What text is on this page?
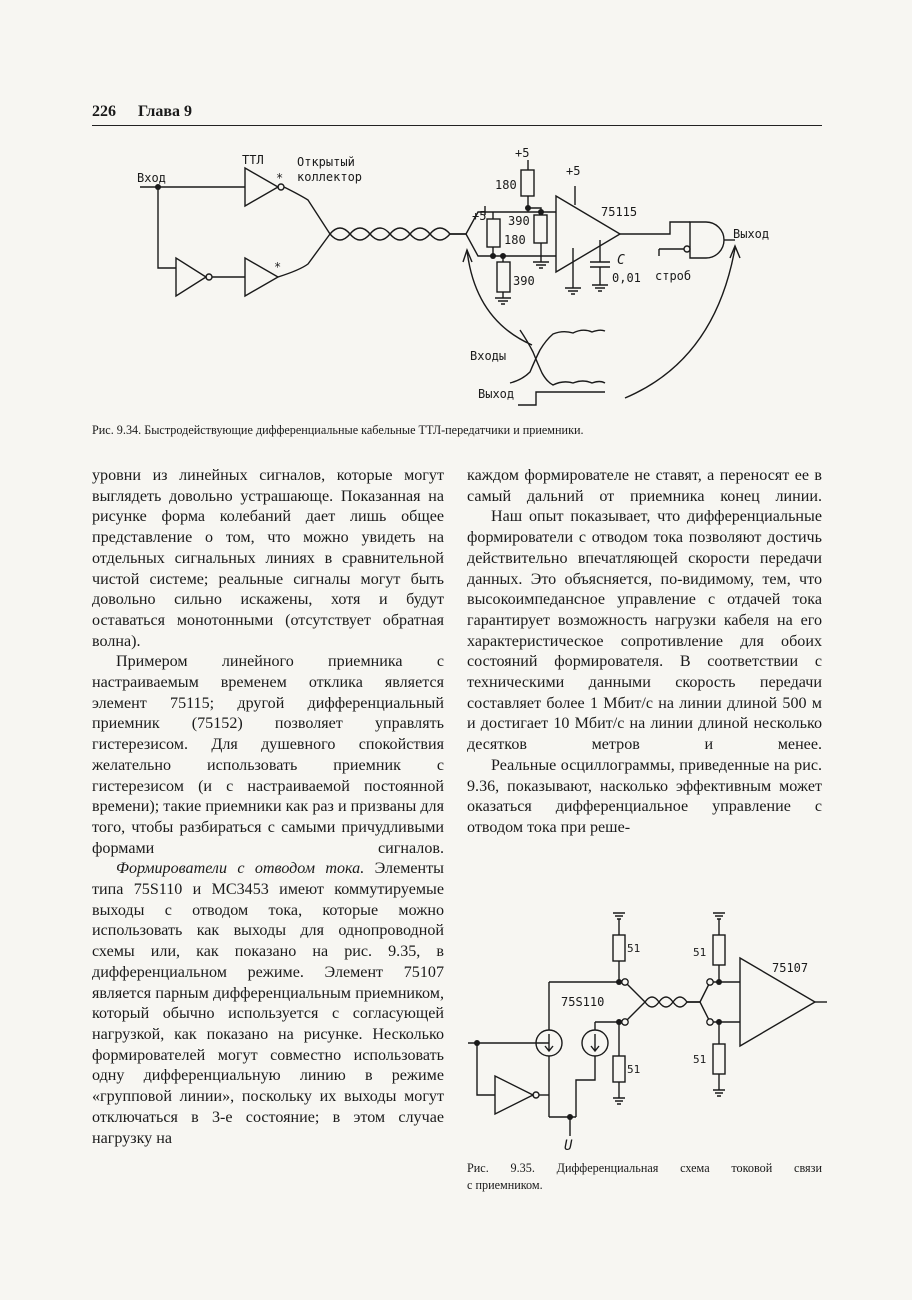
226 Глава 9
Вход
ТТЛ	Открытый
коллектор
*
*
+5
+5
+5
180
390
180
390
75115
C
0,01 строб
Выход
Входы
Выход
Рис. 9.34. Быстродействующие дифференциальные кабельные ТТЛ-передатчики и приемники.

уровни из линейных сигналов, которые могут выглядеть довольно устрашающе. Показанная на рисунке форма колебаний дает лишь общее представление о том, что можно увидеть на отдельных сигнальных линиях в сравнительной чистой системе; реальные сигналы могут быть довольно сильно искажены, хотя и будут оставаться монотонными (отсутствует обратная волна).

Примером линейного приемника с настраиваемым временем отклика является элемент 75115; другой дифференциальный приемник (75152) позволяет управлять гистерезисом. Для душевного спокойствия желательно использовать приемник с гистерезисом (и с настраиваемой постоянной времени); такие приемники как раз и призваны для того, чтобы разбираться с самыми причудливыми формами сигналов.

Формирователи с отводом тока. Элементы типа 75S110 и MC3453 имеют коммутируемые выходы с отводом тока, которые можно использовать как выходы для однопроводной схемы или, как показано на рис. 9.35, в дифференциальном режиме. Элемент 75107 является парным дифференциальным приемником, который обычно используется с согласующей нагрузкой, как показано на рисунке. Несколько формирователей могут совместно использовать одну дифференциальную линию в режиме «групповой линии», поскольку их выходы могут отключаться в 3-е состояние; в этом случае нагрузку на

каждом формирователе не ставят, а переносят ее в самый дальний от приемника конец линии.

Наш опыт показывает, что дифференциальные формирователи с отводом тока позволяют достичь действительно впечатляющей скорости передачи данных. Это объясняется, по-видимому, тем, что высокоимпедансное управление с отдачей тока гарантирует возможность нагрузки кабеля на его характеристическое сопротивление для обоих состояний формирователя. В соответствии с техническими данными скорость передачи составляет более 1 Мбит/с на линии длиной 500 м и достигает 10 Мбит/с на линии длиной несколько десятков метров и менее.

Реальные осциллограммы, приведенные на рис. 9.36, показывают, насколько эффективным может оказаться дифференциальное управление с отводом тока при реше-

51
51
51
51
75S110
75107
U
Рис. 9.35. Дифференциальная схема токовой связи
с приемником.
